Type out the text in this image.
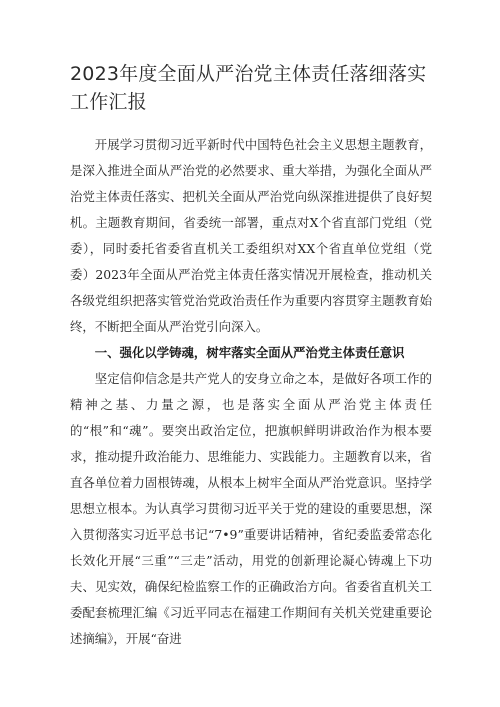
2023年度全面从严治党主体责任落细落实工作汇报

开展学习贯彻习近平新时代中国特色社会主义思想主题教育，是深入推进全面从严治党的必然要求、重大举措，为强化全面从严治党主体责任落实、把机关全面从严治党向纵深推进提供了良好契机。主题教育期间，省委统一部署，重点对X个省直部门党组（党委），同时委托省委省直机关工委组织对XX个省直单位党组（党委）2023年全面从严治党主体责任落实情况开展检查，推动机关各级党组织把落实管党治党政治责任作为重要内容贯穿主题教育始终，不断把全面从严治党引向深入。

一、强化以学铸魂，树牢落实全面从严治党主体责任意识

坚定信仰信念是共产党人的安身立命之本，是做好各项工作的精神之基、力量之源，也是落实全面从严治党主体责任的“根”和“魂”。要突出政治定位，把旗帜鲜明讲政治作为根本要求，推动提升政治能力、思维能力、实践能力。主题教育以来，省直各单位着力固根铸魂，从根本上树牢全面从严治党意识。坚持学思想立根本。为认真学习贯彻习近平关于党的建设的重要思想，深入贯彻落实习近平总书记“7•9”重要讲话精神，省纪委监委常态化长效化开展“三重”“三走”活动，用党的创新理论凝心铸魂上下功夫、见实效，确保纪检监察工作的正确政治方向。省委省直机关工委配套梳理汇编《习近平同志在福建工作期间有关机关党建重要论述摘编》，开展“奋进
